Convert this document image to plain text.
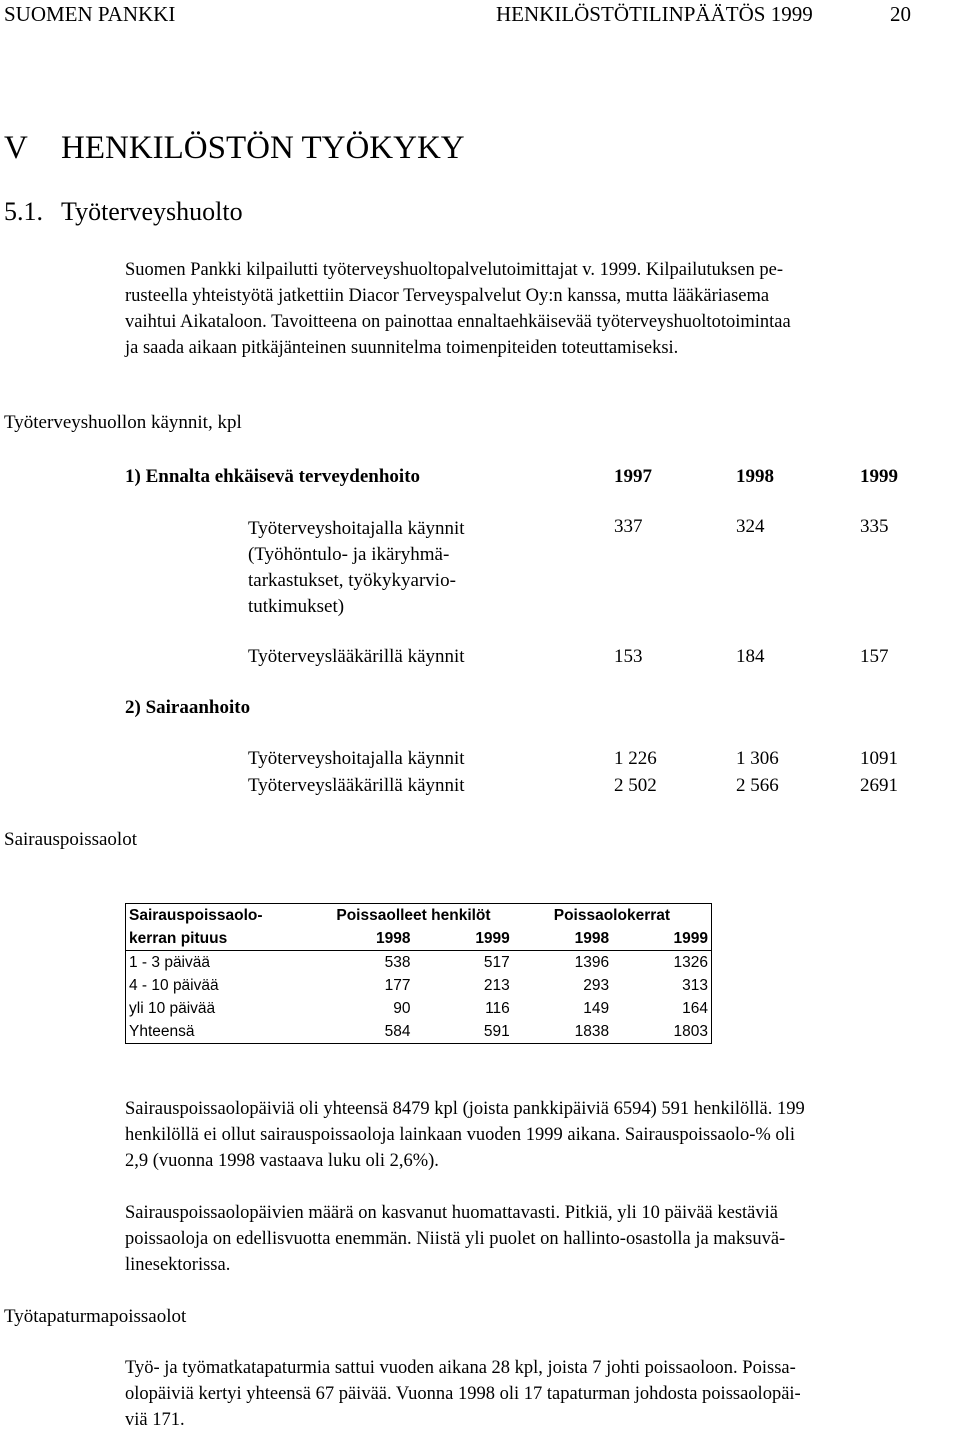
SUOMEN PANKKI	HENKILÖSTÖTILINPÄÄTÖS 1999	20
V HENKILÖSTÖN TYÖKYKY
5.1. Työterveyshuolto
Suomen Pankki kilpailutti työterveyshuoltopalvelutoimittajat v. 1999. Kilpailutuksen pe-
rusteella yhteistyötä jatkettiin Diacor Terveyspalvelut Oy:n kanssa, mutta lääkäriasema
vaihtui Aikataloon. Tavoitteena on painottaa ennaltaehkäisevää työterveyshuoltotoimintaa
ja saada aikaan pitkäjänteinen suunnitelma toimenpiteiden toteuttamiseksi.
Työterveyshuollon käynnit, kpl
1) Ennalta ehkäisevä terveydenhoito	1997	1998	1999
Työterveyshoitajalla käynnit
(Työhöntulo- ja ikäryhmä-
tarkastukset, työkykyarvio-
tutkimukset)
337	324	335
Työterveyslääkärillä käynnit	153	184	157
2) Sairaanhoito
Työterveyshoitajalla käynnit	1 226	1 306	1091
Työterveyslääkärillä käynnit	2 502	2 566	2691
Sairauspoissaolot
Sairauspoissaolo-	Poissaolleet henkilöt		Poissaolokerrat	
kerran pituus	1998	1999	1998	1999
1 - 3 päivää	538	517	1396	1326
4 - 10 päivää	177	213	293	313
yli 10 päivää	90	116	149	164
Yhteensä	584	591	1838	1803
Sairauspoissaolopäiviä oli yhteensä 8479 kpl (joista pankkipäiviä 6594) 591 henkilöllä. 199
henkilöllä ei ollut sairauspoissaoloja lainkaan vuoden 1999 aikana. Sairauspoissaolo-% oli
2,9 (vuonna 1998 vastaava luku oli 2,6%).
Sairauspoissaolopäivien määrä on kasvanut huomattavasti. Pitkiä, yli 10 päivää kestäviä
poissaoloja on edellisvuotta enemmän. Niistä yli puolet on hallinto-osastolla ja maksuvä-
linesektorissa.
Työtapaturmapoissaolot
Työ- ja työmatkatapaturmia sattui vuoden aikana 28 kpl, joista 7 johti poissaoloon. Poissa-
olopäiviä kertyi yhteensä 67 päivää. Vuonna 1998 oli 17 tapaturman johdosta poissaolopäi-
viä 171.
